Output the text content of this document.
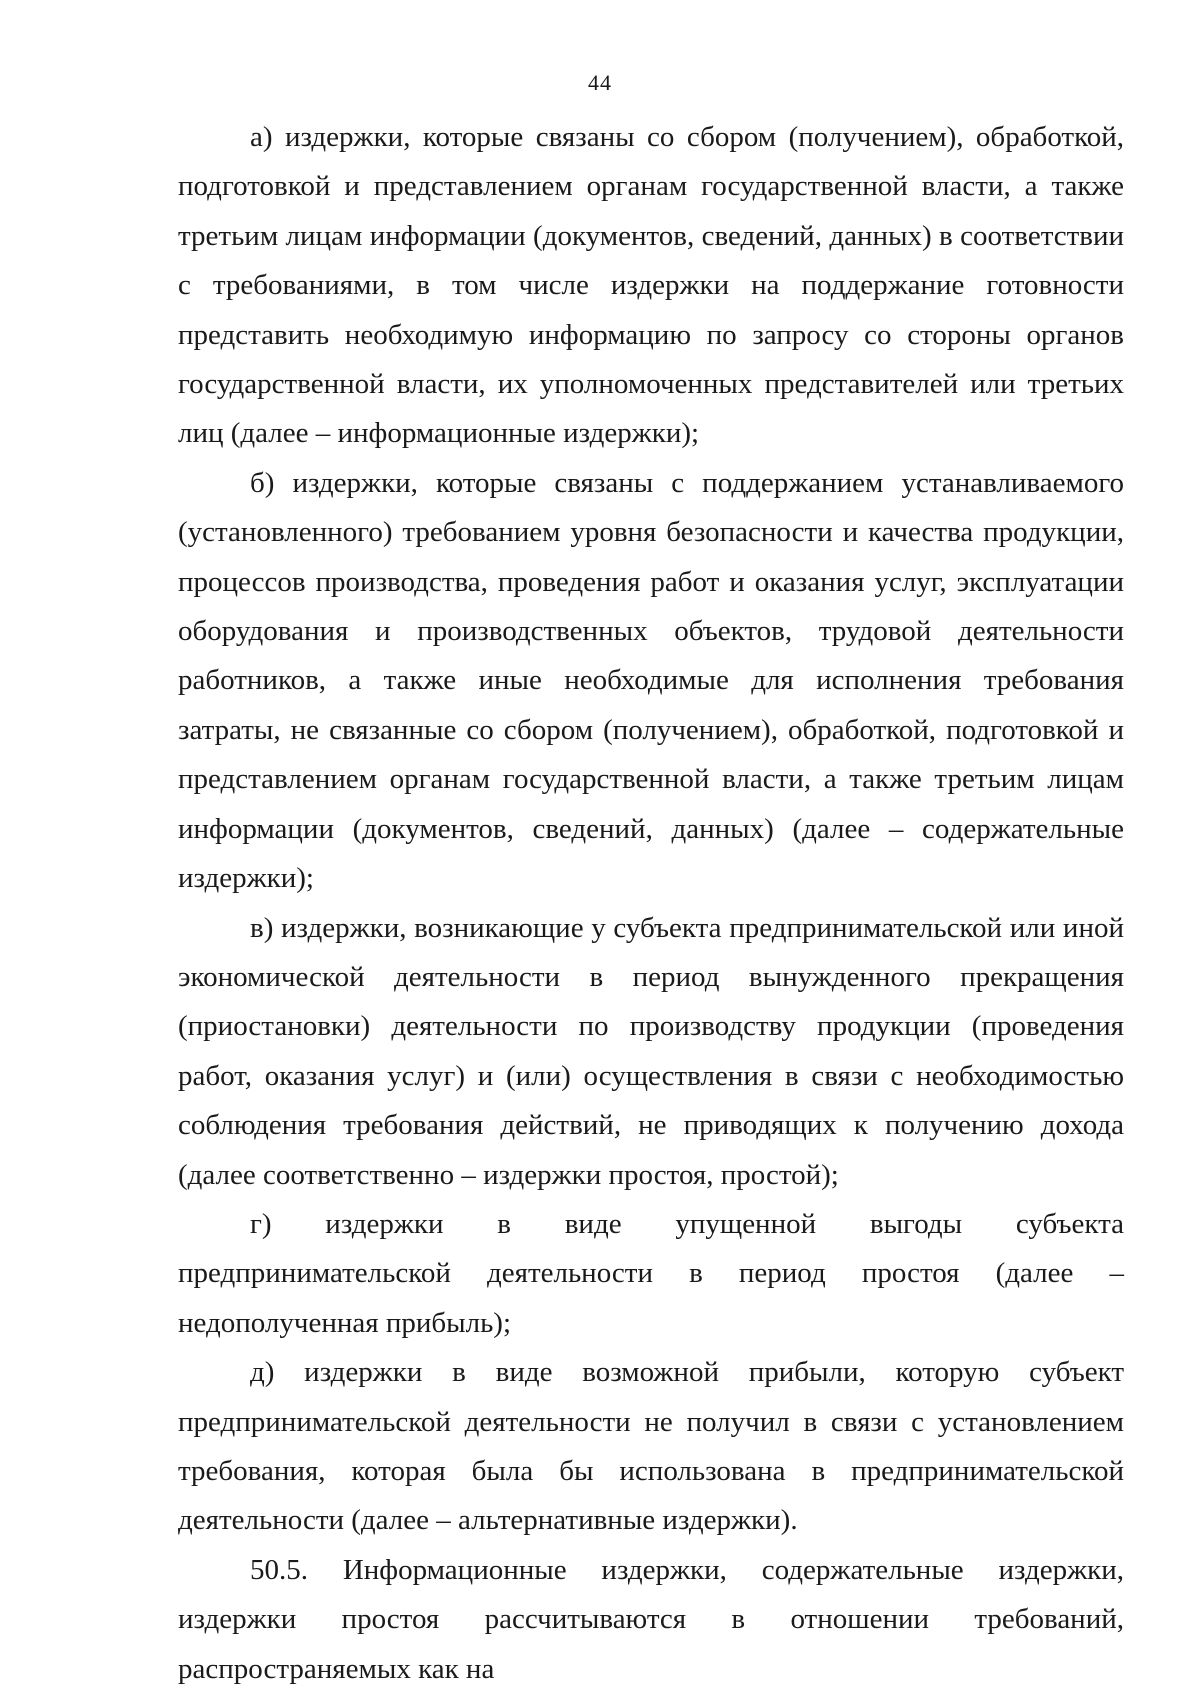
44

а) издержки, которые связаны со сбором (получением), обработкой, подготовкой и представлением органам государственной власти, а также третьим лицам информации (документов, сведений, данных) в соответствии с требованиями, в том числе издержки на поддержание готовности представить необходимую информацию по запросу со стороны органов государственной власти, их уполномоченных представителей или третьих лиц (далее – информационные издержки);

б) издержки, которые связаны с поддержанием устанавливаемого (установленного) требованием уровня безопасности и качества продукции, процессов производства, проведения работ и оказания услуг, эксплуатации оборудования и производственных объектов, трудовой деятельности работников, а также иные необходимые для исполнения требования затраты, не связанные со сбором (получением), обработкой, подготовкой и представлением органам государственной власти, а также третьим лицам информации (документов, сведений, данных) (далее – содержательные издержки);

в) издержки, возникающие у субъекта предпринимательской или иной экономической деятельности в период вынужденного прекращения (приостановки) деятельности по производству продукции (проведения работ, оказания услуг) и (или) осуществления в связи с необходимостью соблюдения требования действий, не приводящих к получению дохода (далее соответственно – издержки простоя, простой);

г) издержки в виде упущенной выгоды субъекта предпринимательской деятельности в период простоя (далее – недополученная прибыль);

д) издержки в виде возможной прибыли, которую субъект предпринимательской деятельности не получил в связи с установлением требования, которая была бы использована в предпринимательской деятельности (далее – альтернативные издержки).

50.5. Информационные издержки, содержательные издержки, издержки простоя рассчитываются в отношении требований, распространяемых как на
